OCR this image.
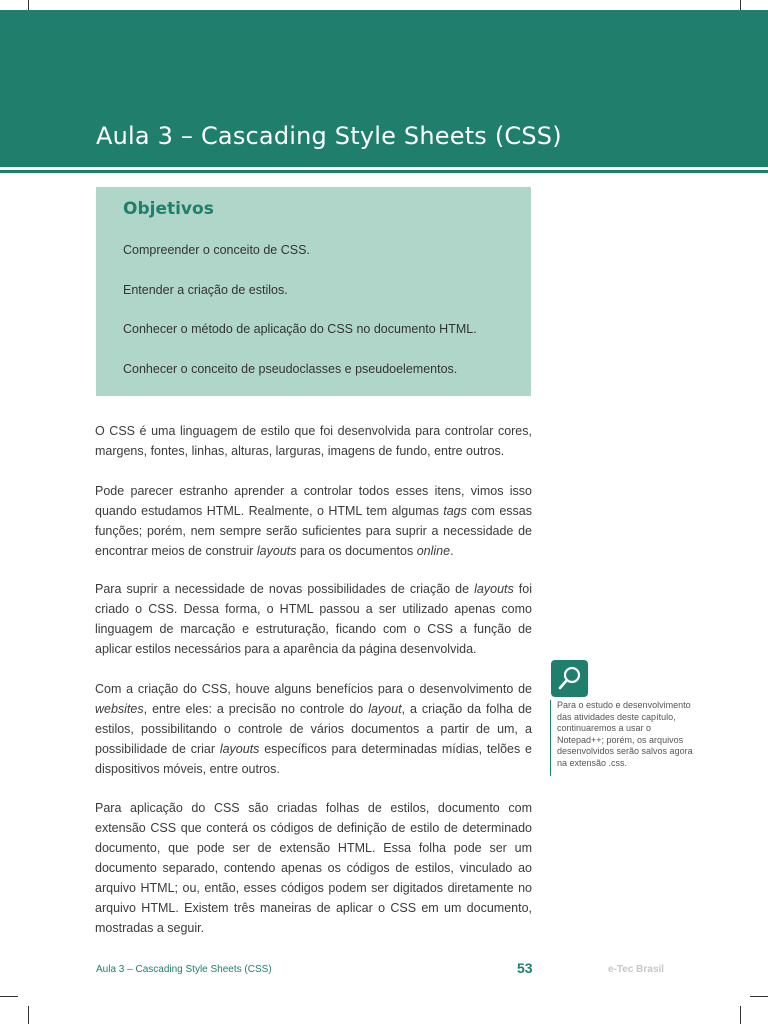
Aula 3 – Cascading Style Sheets (CSS)
Objetivos
Compreender o conceito de CSS.
Entender a criação de estilos.
Conhecer o método de aplicação do CSS no documento HTML.
Conhecer o conceito de pseudoclasses e pseudoelementos.

O CSS é uma linguagem de estilo que foi desenvolvida para controlar cores, margens, fontes, linhas, alturas, larguras, imagens de fundo, entre outros.

Pode parecer estranho aprender a controlar todos esses itens, vimos isso quando estudamos HTML. Realmente, o HTML tem algumas tags com essas funções; porém, nem sempre serão suficientes para suprir a necessidade de encontrar meios de construir layouts para os documentos online.

Para suprir a necessidade de novas possibilidades de criação de layouts foi criado o CSS. Dessa forma, o HTML passou a ser utilizado apenas como linguagem de marcação e estruturação, ficando com o CSS a função de aplicar estilos necessários para a aparência da página desenvolvida.

Com a criação do CSS, houve alguns benefícios para o desenvolvimento de websites, entre eles: a precisão no controle do layout, a criação da folha de estilos, possibilitando o controle de vários documentos a partir de um, a possibilidade de criar layouts específicos para determinadas mídias, telões e dispositivos móveis, entre outros.

Para aplicação do CSS são criadas folhas de estilos, documento com extensão CSS que conterá os códigos de definição de estilo de determinado documento, que pode ser de extensão HTML. Essa folha pode ser um documento separado, contendo apenas os códigos de estilos, vinculado ao arquivo HTML; ou, então, esses códigos podem ser digitados diretamente no arquivo HTML. Existem três maneiras de aplicar o CSS em um documento, mostradas a seguir.

Para o estudo e desenvolvimento das atividades deste capítulo, continuaremos a usar o Notepad++; porém, os arquivos desenvolvidos serão salvos agora na extensão .css.

Aula 3 – Cascading Style Sheets (CSS)	53	e-Tec Brasil
